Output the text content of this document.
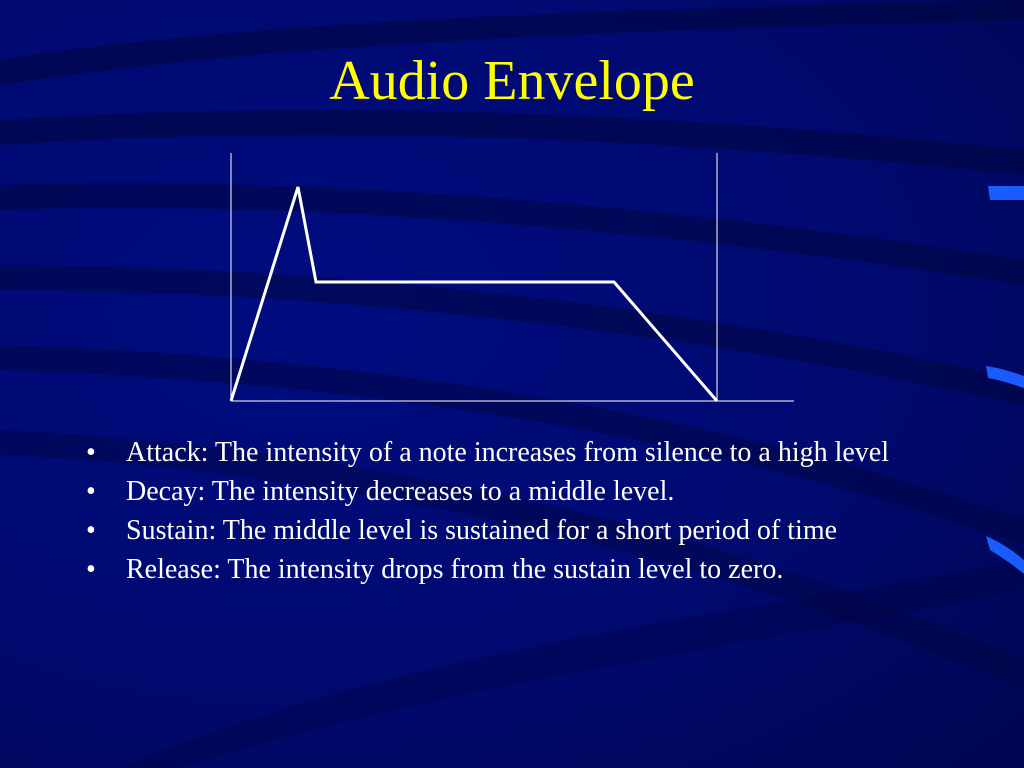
Audio Envelope
• Attack: The intensity of a note increases from silence to a high level
• Decay: The intensity decreases to a middle level.
• Sustain: The middle level is sustained for a short period of time
• Release: The intensity drops from the sustain level to zero.
